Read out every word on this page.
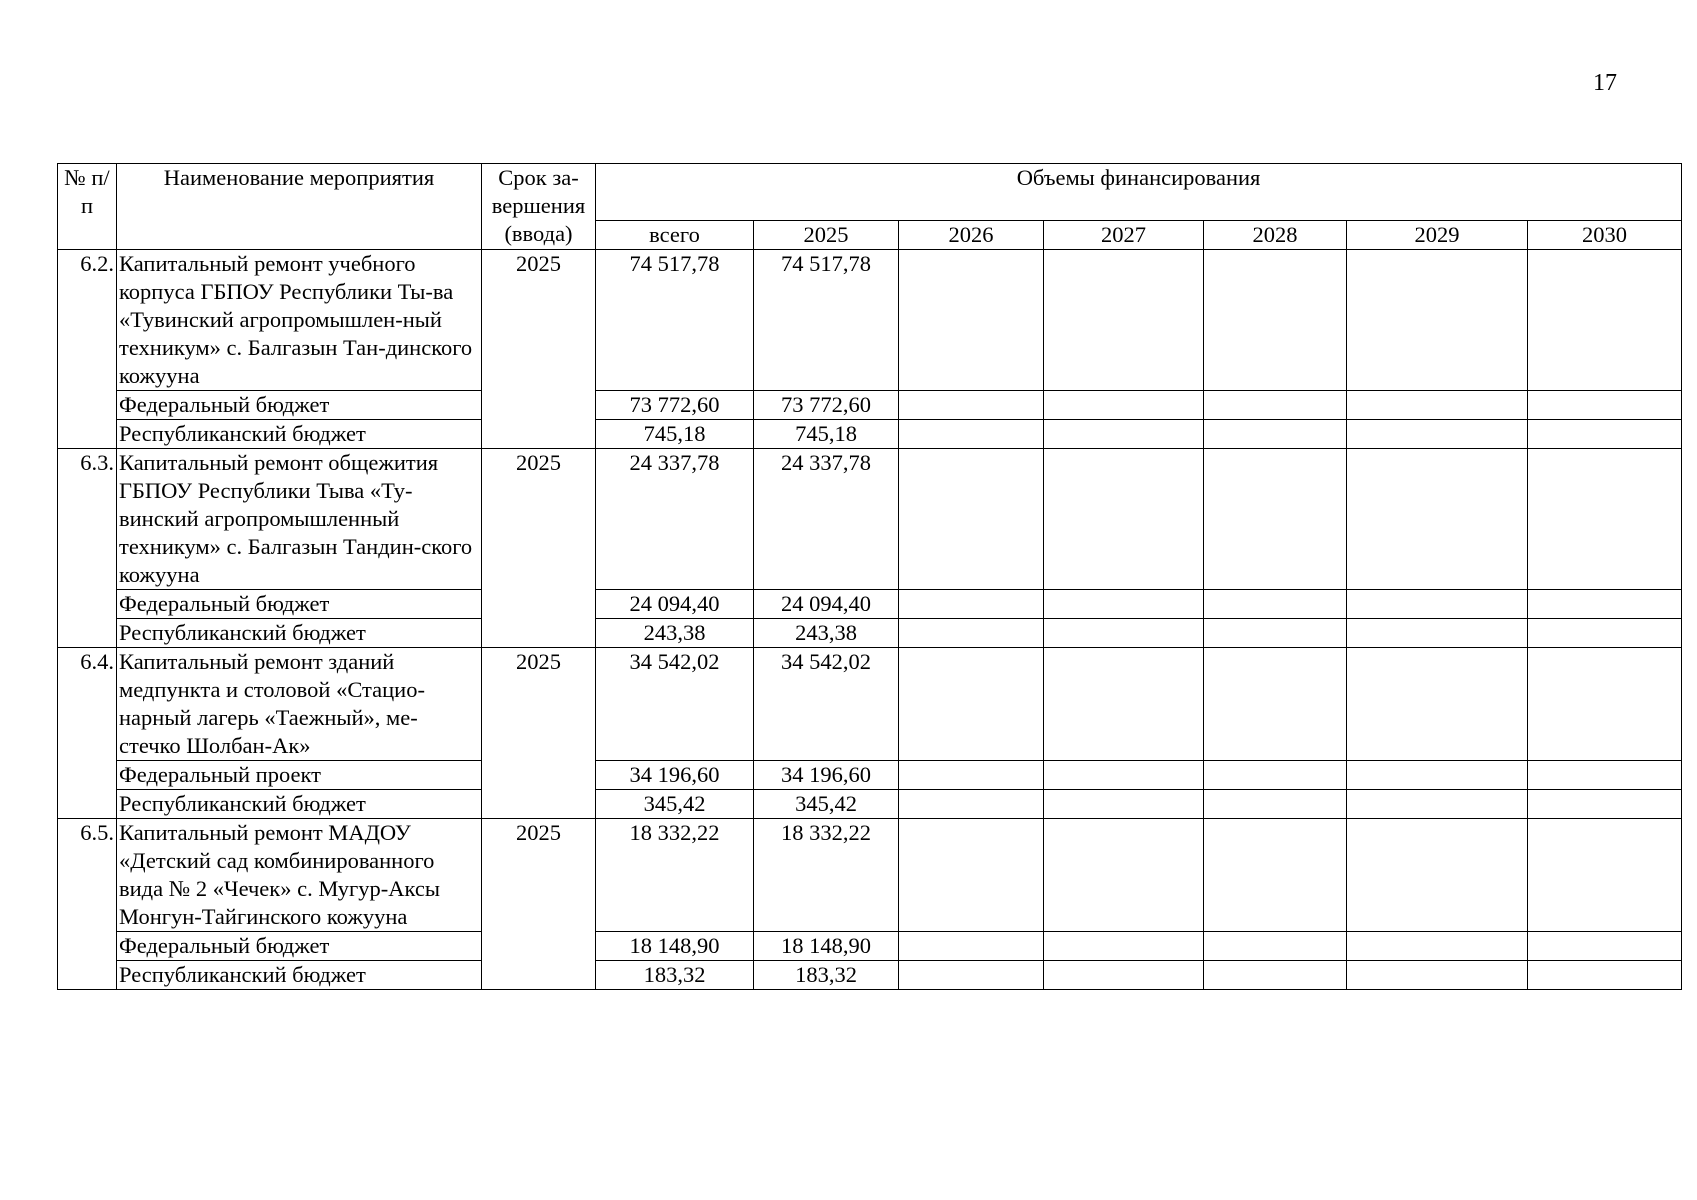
17
№ п/п	Наименование мероприятия	Срок за-вершения (ввода)	Объемы финансирования						
			всего	2025	2026	2027	2028	2029	2030
6.2.	Капитальный ремонт учебного корпуса ГБПОУ Республики Ты-ва «Тувинский агропромышлен-ный техникум» с. Балгазын Тан-динского кожууна	2025	74 517,78	74 517,78					
	Федеральный бюджет		73 772,60	73 772,60					
	Республиканский бюджет		745,18	745,18					
6.3.	Капитальный ремонт общежития ГБПОУ Республики Тыва «Ту-винский агропромышленный техникум» с. Балгазын Тандин-ского кожууна	2025	24 337,78	24 337,78					
	Федеральный бюджет		24 094,40	24 094,40					
	Республиканский бюджет		243,38	243,38					
6.4.	Капитальный ремонт зданий медпункта и столовой «Стацио-нарный лагерь «Таежный», ме-стечко Шолбан-Ак»	2025	34 542,02	34 542,02					
	Федеральный проект		34 196,60	34 196,60					
	Республиканский бюджет		345,42	345,42					
6.5.	Капитальный ремонт МАДОУ «Детский сад комбинированного вида № 2 «Чечек» с. Мугур-Аксы Монгун-Тайгинского кожууна	2025	18 332,22	18 332,22					
	Федеральный бюджет		18 148,90	18 148,90					
	Республиканский бюджет		183,32	183,32					
